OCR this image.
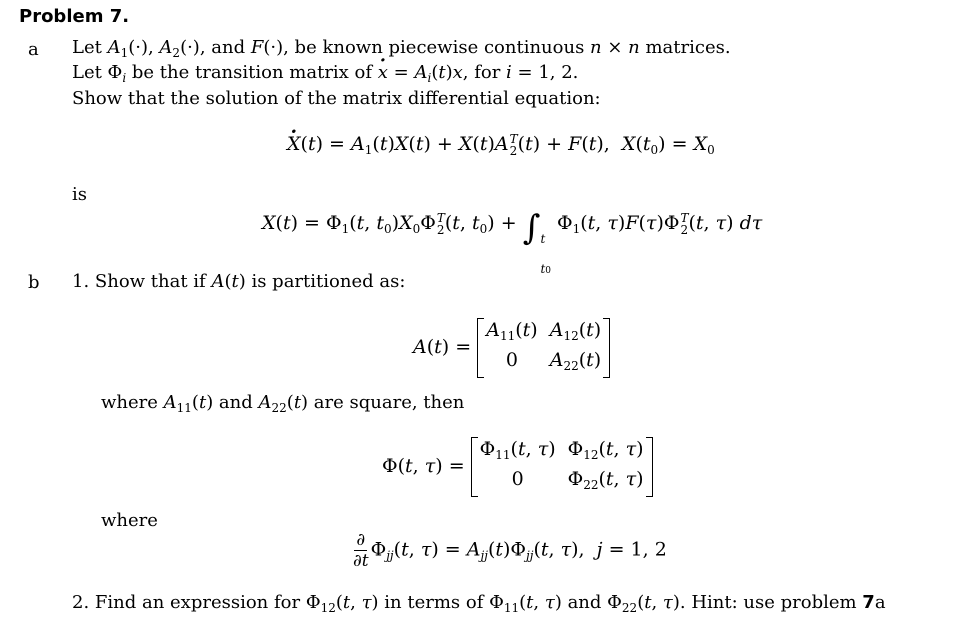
Problem 7.
a Let $A_1(\cdot)$, $A_2(\cdot)$, and F(·), be known piecewise continuous n × n matrices.
Let $\Phi_i$ be the transition matrix of · $x = A_i(t)x$, for i = 1, 2.
Show that the solution of the matrix differential equation:
· $X(t) = A_1(t)X(t) + X(t)A$ T
2 (t) + F(t),  $X(t_0) = X_0$
is
$X(t) = \Phi_1(t$, $t_0)X_0\Phi$ T
2 (t, $t_0$) + ∫ t
t0
$\Phi_1(t$, τ)F(τ)Φ T
2 (t, τ) dτ
b 1. Show that if A(t) is partitioned as:
A(t) =
$A_{11}(t)$ $A_{12}(t)$
0	$A_{22}(t)$
where $A_{11}(t)$ and $A_{22}(t)$ are square, then
Φ(t, τ) =
$\Phi_{11}(t$, τ) $\Phi_{12}(t$, τ)
0	$\Phi_{22}(t$, τ)
where
$\frac{\partial}{\partial t} \Phi_{jj}(t$, $\tau) = A_{jj}(t)\Phi_{jj}(t$, τ),  j = 1, 2
2. Find an expression for $\Phi_{12}(t$, τ) in terms of $\Phi_{11}(t$, τ) and $\Phi_{22}(t$, τ). Hint: use problem 7a
